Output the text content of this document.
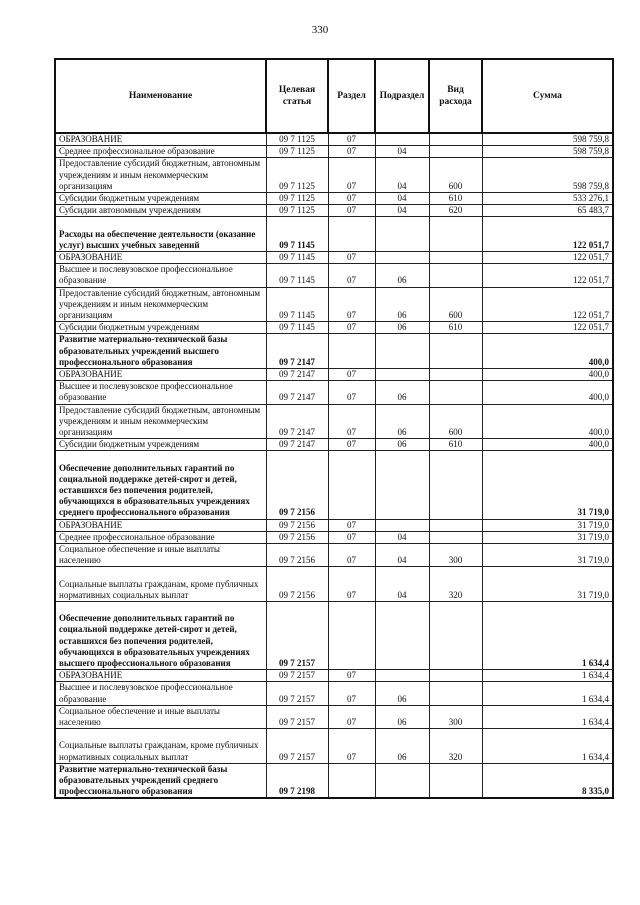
330
Наименование	Целевая статья	Раздел	Подраздел	Вид расхода	Сумма
ОБРАЗОВАНИЕ	09 7 1125	07			598 759,8
Среднее профессиональное образование	09 7 1125	07	04		598 759,8
Предоставление субсидий бюджетным, автономным учреждениям и иным некоммерческим организациям	09 7 1125	07	04	600	598 759,8
Субсидии бюджетным учреждениям	09 7 1125	07	04	610	533 276,1
Субсидии автономным учреждениям	09 7 1125	07	04	620	65 483,7
Расходы на обеспечение деятельности (оказание услуг) высших учебных заведений	09 7 1145				122 051,7
ОБРАЗОВАНИЕ	09 7 1145	07			122 051,7
Высшее и послевузовское профессиональное образование	09 7 1145	07	06		122 051,7
Предоставление субсидий бюджетным, автономным учреждениям и иным некоммерческим организациям	09 7 1145	07	06	600	122 051,7
Субсидии бюджетным учреждениям	09 7 1145	07	06	610	122 051,7
Развитие материально-технической базы образовательных учреждений высшего профессионального образования	09 7 2147				400,0
ОБРАЗОВАНИЕ	09 7 2147	07			400,0
Высшее и послевузовское профессиональное образование	09 7 2147	07	06		400,0
Предоставление субсидий бюджетным, автономным учреждениям и иным некоммерческим организациям	09 7 2147	07	06	600	400,0
Субсидии бюджетным учреждениям	09 7 2147	07	06	610	400,0
Обеспечение дополнительных гарантий по социальной поддержке детей-сирот и детей, оставшихся без попечения родителей, обучающихся в образовательных учреждениях среднего профессионального образования	09 7 2156				31 719,0
ОБРАЗОВАНИЕ	09 7 2156	07			31 719,0
Среднее профессиональное образование	09 7 2156	07	04		31 719,0
Социальное обеспечение и иные выплаты населению	09 7 2156	07	04	300	31 719,0
Социальные выплаты гражданам, кроме публичных нормативных социальных выплат	09 7 2156	07	04	320	31 719,0
Обеспечение дополнительных гарантий по социальной поддержке детей-сирот и детей, оставшихся без попечения родителей, обучающихся в образовательных учреждениях высшего профессионального образования	09 7 2157				1 634,4
ОБРАЗОВАНИЕ	09 7 2157	07			1 634,4
Высшее и послевузовское профессиональное образование	09 7 2157	07	06		1 634,4
Социальное обеспечение и иные выплаты населению	09 7 2157	07	06	300	1 634,4
Социальные выплаты гражданам, кроме публичных нормативных социальных выплат	09 7 2157	07	06	320	1 634,4
Развитие материально-технической базы образовательных учреждений среднего профессионального образования	09 7 2198				8 335,0
